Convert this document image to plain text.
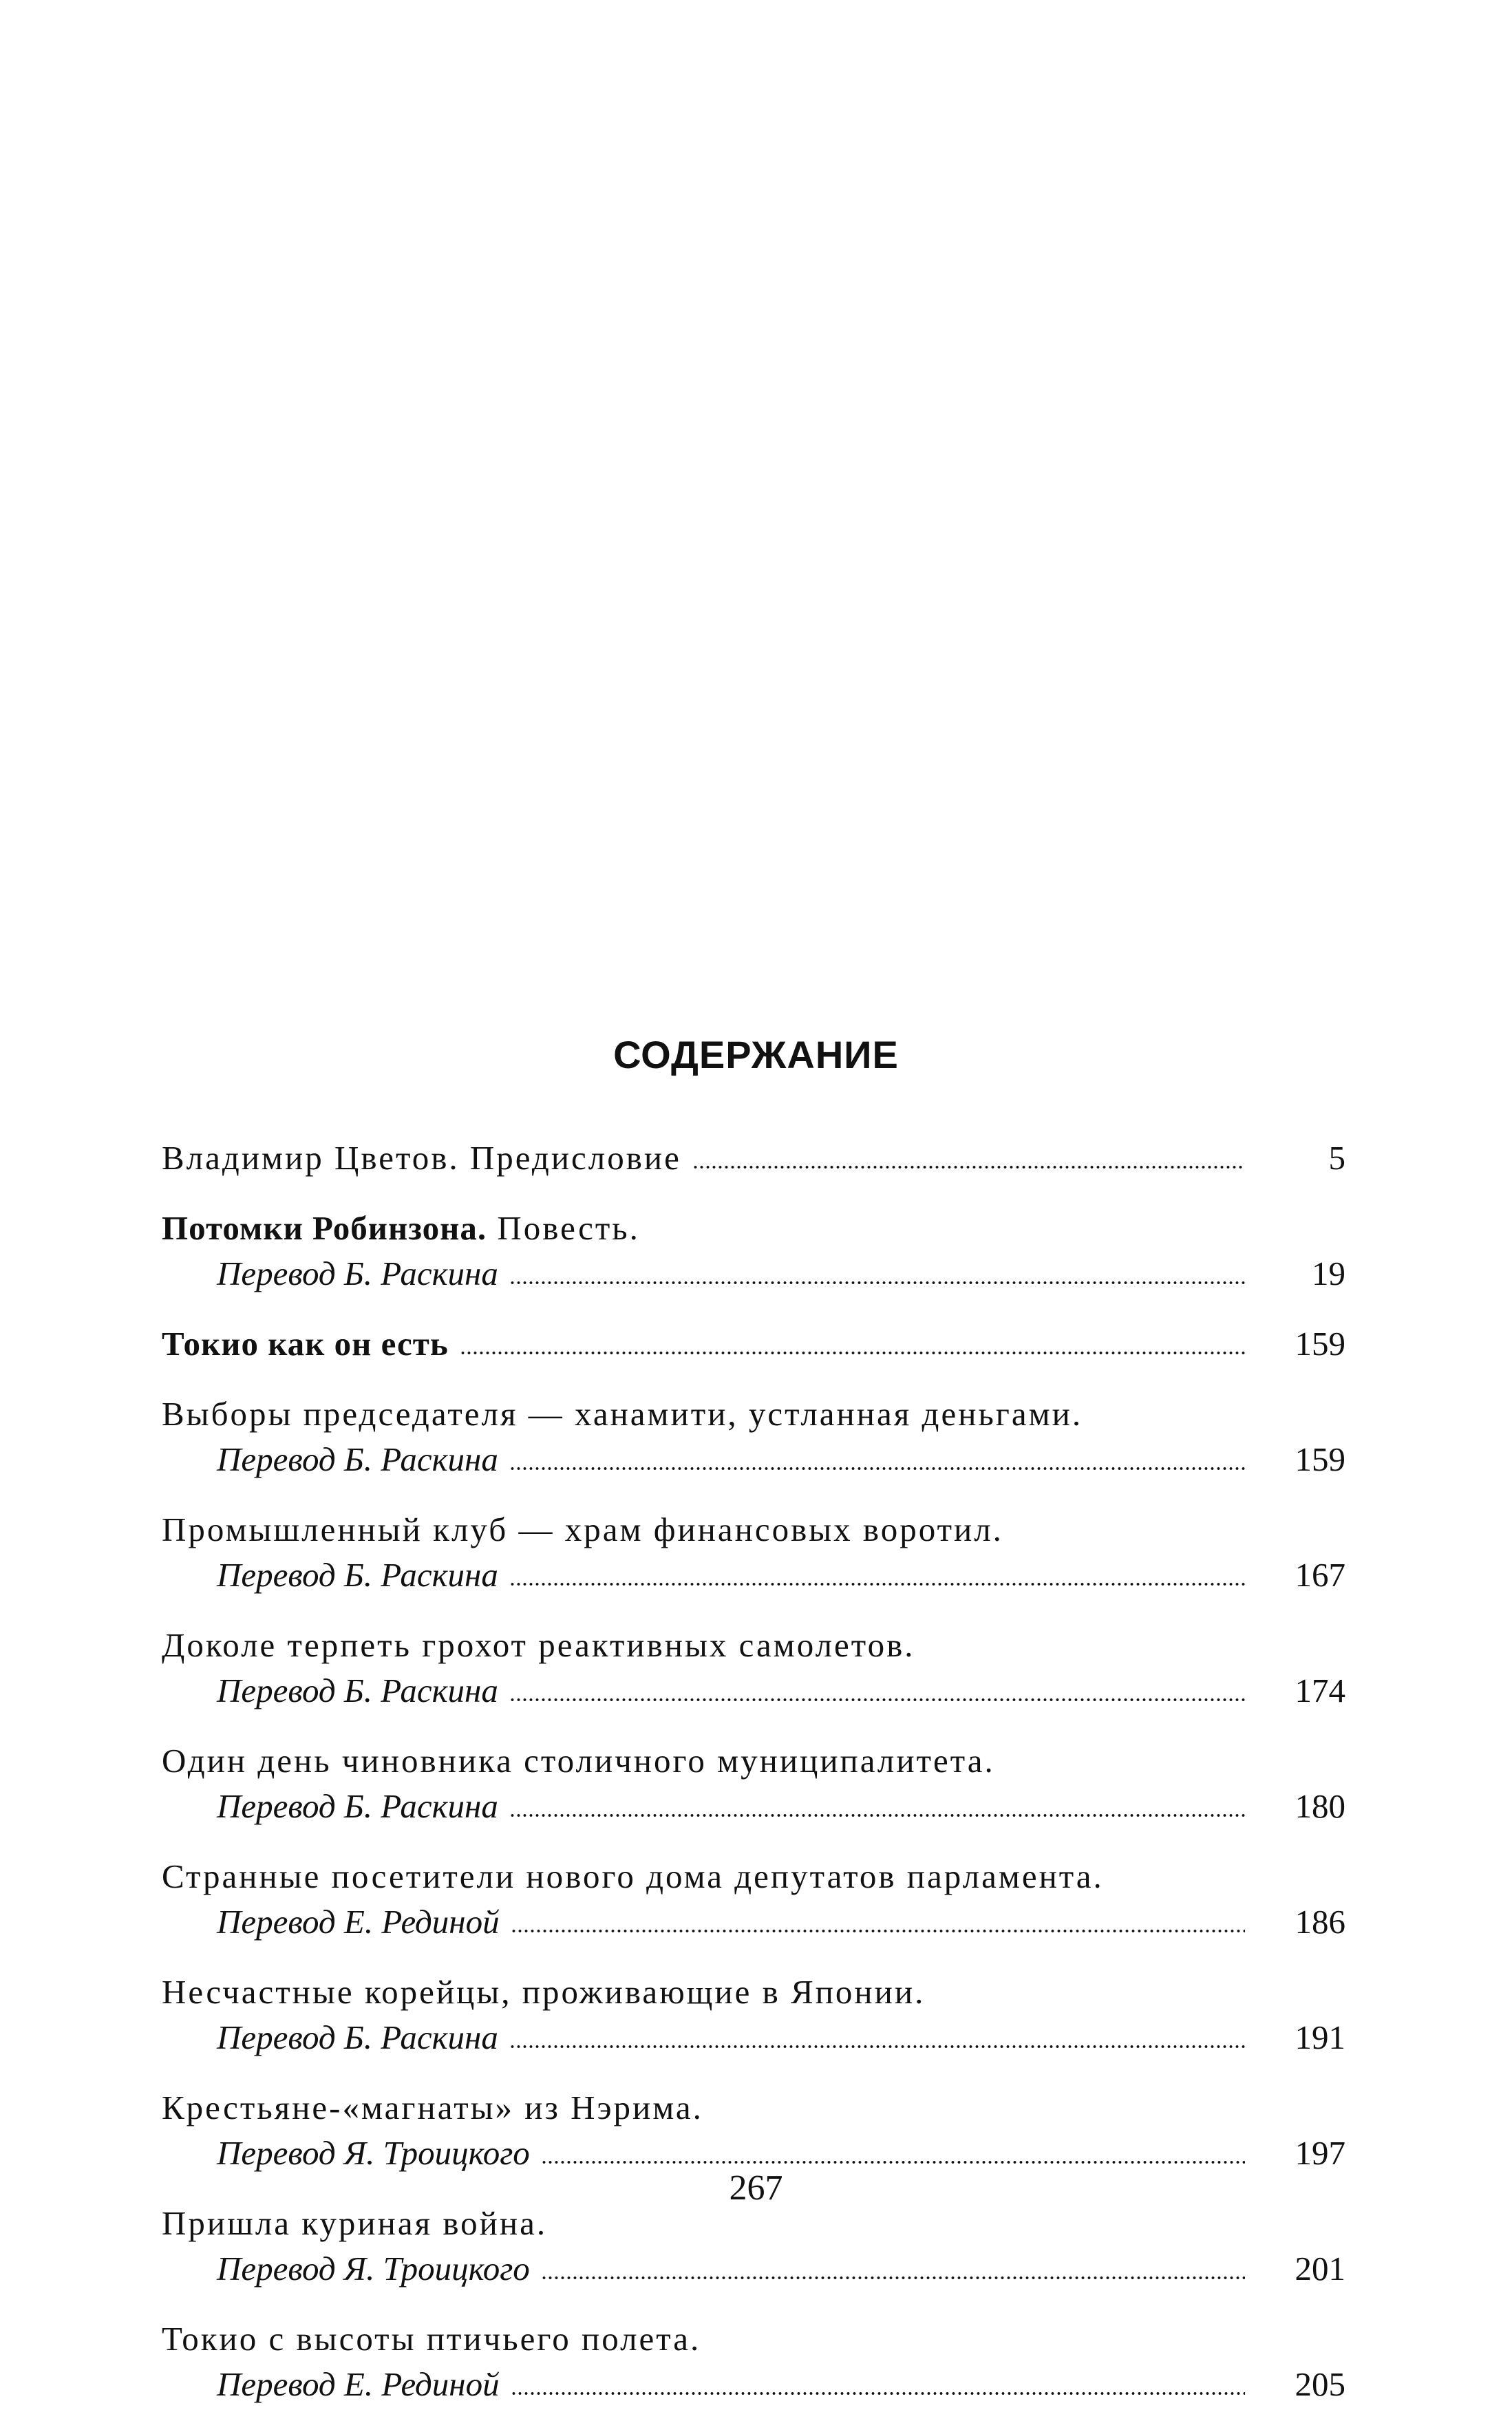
СОДЕРЖАНИЕ
Владимир Цветов. Предисловие	5
Потомки Робинзона. Повесть.
Перевод Б. Раскина	19
Токио как он есть	159
Выборы председателя — ханамити, устланная деньгами.
Перевод Б. Раскина	159
Промышленный клуб — храм финансовых воротил.
Перевод Б. Раскина	167
Доколе терпеть грохот реактивных самолетов.
Перевод Б. Раскина	174
Один день чиновника столичного муниципалитета.
Перевод Б. Раскина	180
Странные посетители нового дома депутатов парламента.
Перевод Е. Рединой	186
Несчастные корейцы, проживающие в Японии.
Перевод Б. Раскина	191
Крестьяне-«магнаты» из Нэрима.
Перевод Я. Троицкого	197
Пришла куриная война.
Перевод Я. Троицкого	201
Токио с высоты птичьего полета.
Перевод Е. Рединой	205
267
